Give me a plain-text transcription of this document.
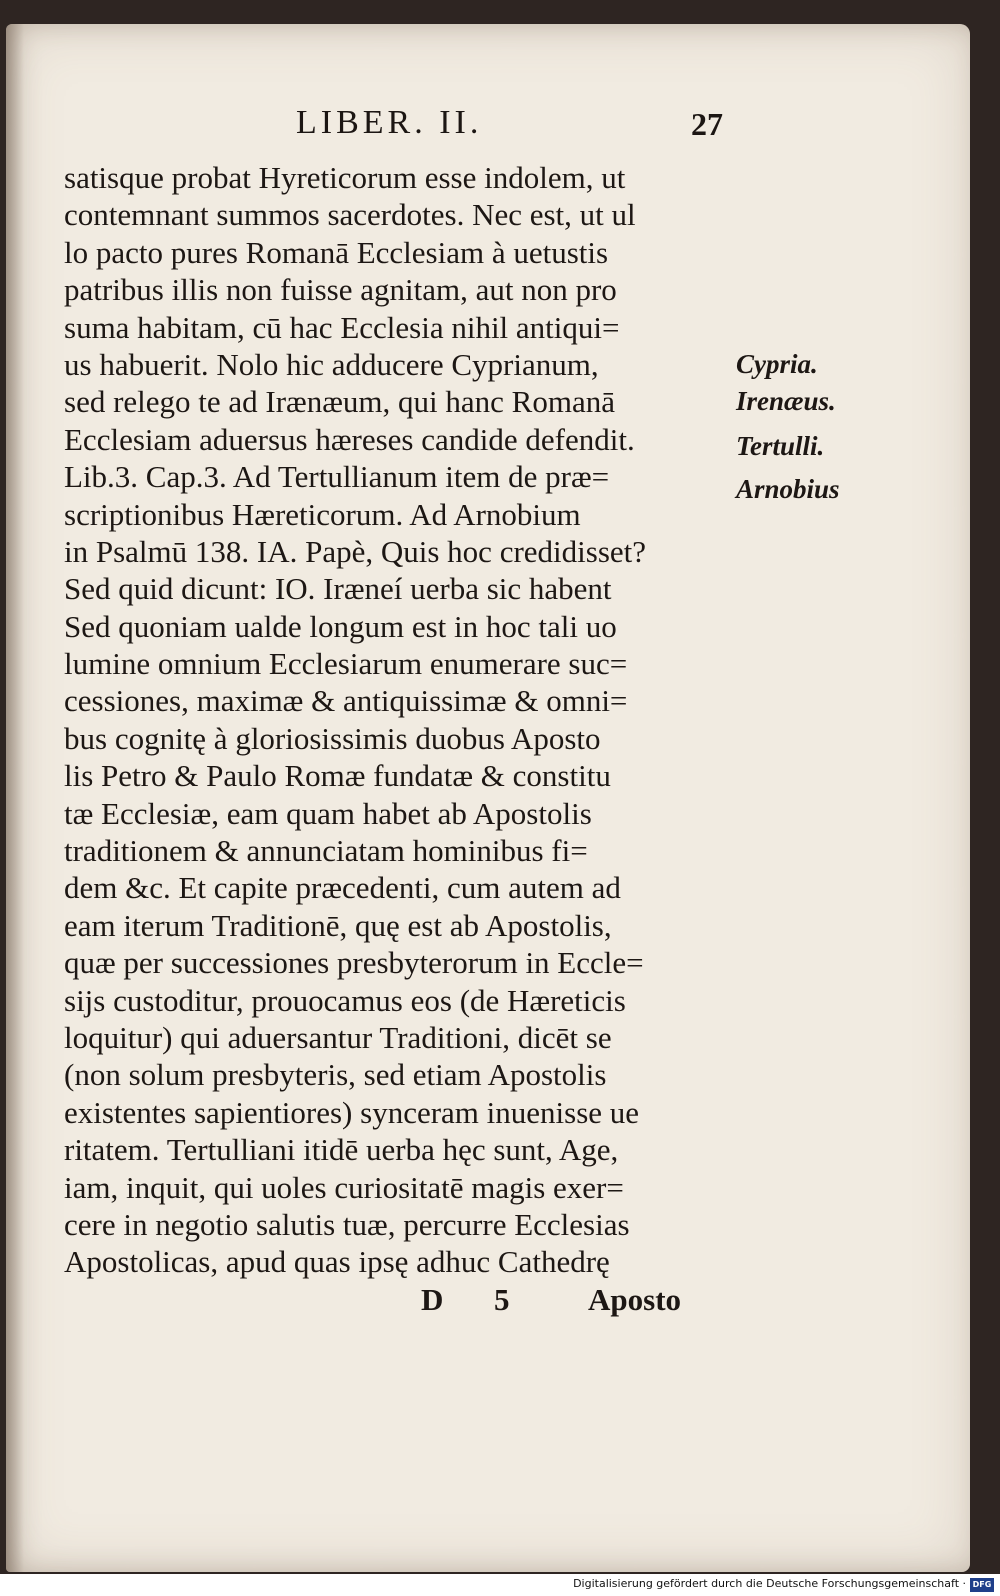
LIBER. II.	27
satisque probat Hyreticorum esse indolem, ut
contemnant summos sacerdotes. Nec est, ut ul
lo pacto pures Romanā Ecclesiam à uetustis
patribus illis non fuisse agnitam, aut non pro
suma habitam, cū hac Ecclesia nihil antiqui=
us habuerit. Nolo hic adducere Cyprianum,
sed relego te ad Irænæum, qui hanc Romanā
Ecclesiam aduersus hæreses candide defendit.
Lib.3. Cap.3. Ad Tertullianum item de præ=
scriptionibus Hæreticorum. Ad Arnobium
in Psalmū 138. IA. Papè, Quis hoc credidisset?
Sed quid dicunt: IO. Iræneí uerba sic habent
Sed quoniam ualde longum est in hoc tali uo
lumine omnium Ecclesiarum enumerare suc=
cessiones, maximæ & antiquissimæ & omni=
bus cognitę à gloriosissimis duobus Aposto
lis Petro & Paulo Romæ fundatæ & constitu
tæ Ecclesiæ, eam quam habet ab Apostolis
traditionem & annunciatam hominibus fi=
dem &c. Et capite præcedenti, cum autem ad
eam iterum Traditionē, quę est ab Apostolis,
quæ per successiones presbyterorum in Eccle=
sijs custoditur, prouocamus eos (de Hæreticis
loquitur) qui aduersantur Traditioni, dicēt se
(non solum presbyteris, sed etiam Apostolis
existentes sapientiores) synceram inuenisse ue
ritatem. Tertulliani itidē uerba hęc sunt, Age,
iam, inquit, qui uoles curiositatē magis exer=
cere in negotio salutis tuæ, percurre Ecclesias
Apostolicas, apud quas ipsę adhuc Cathedrę
Cypria.
Irenæus.
Tertulli.
Arnobius
D 5	Aposto
Digitalisierung gefördert durch die Deutsche Forschungsgemeinschaft · DFG
